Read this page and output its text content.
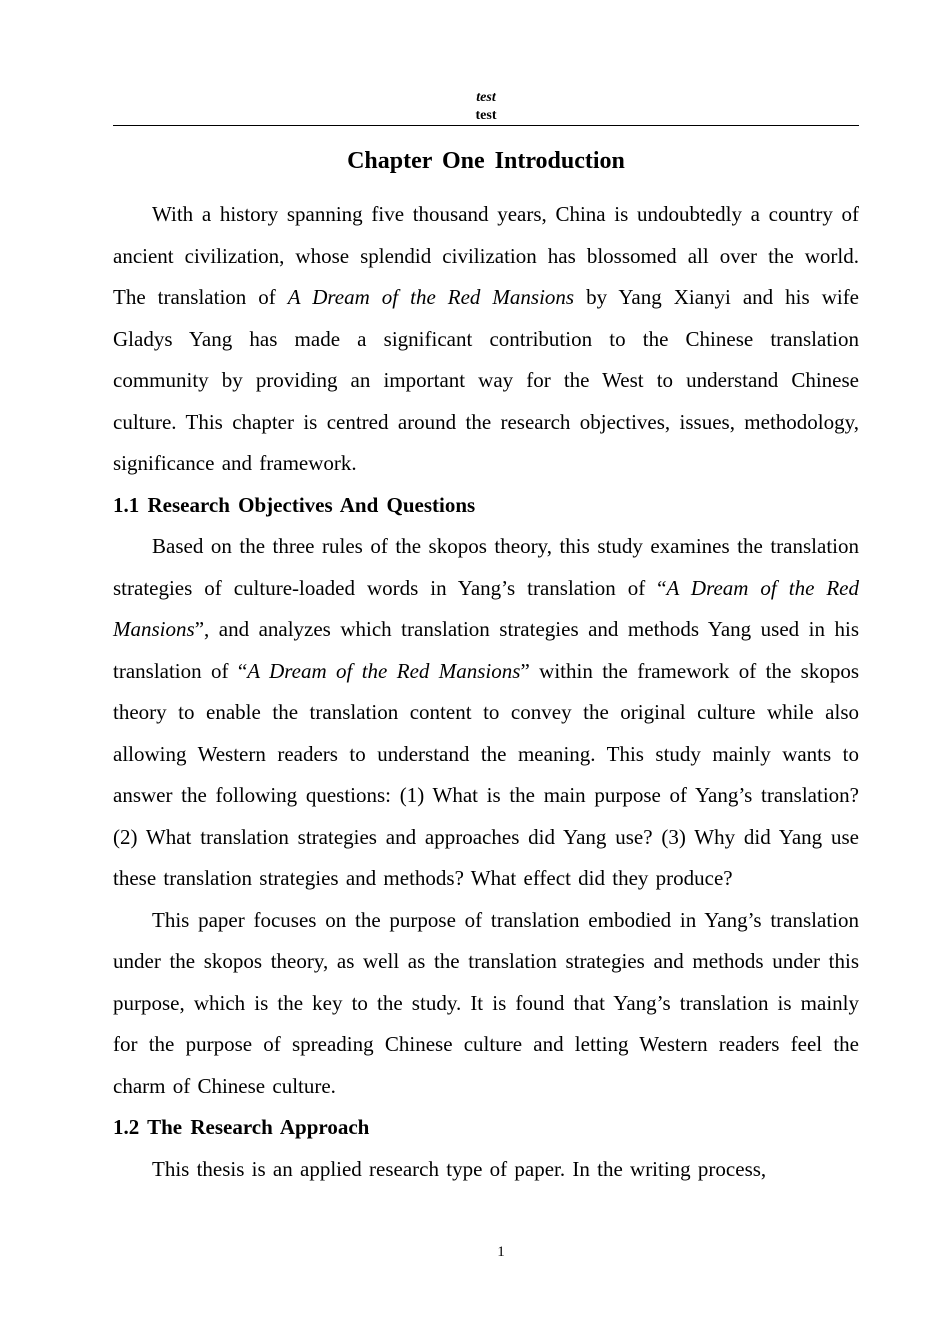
test
test
Chapter One Introduction

With a history spanning five thousand years, China is undoubtedly a country of ancient civilization, whose splendid civilization has blossomed all over the world. The translation of A Dream of the Red Mansions by Yang Xianyi and his wife Gladys Yang has made a significant contribution to the Chinese translation community by providing an important way for the West to understand Chinese culture. This chapter is centred around the research objectives, issues, methodology, significance and framework.

1.1 Research Objectives And Questions

Based on the three rules of the skopos theory, this study examines the translation strategies of culture-loaded words in Yang’s translation of “A Dream of the Red Mansions”, and analyzes which translation strategies and methods Yang used in his translation of “A Dream of the Red Mansions” within the framework of the skopos theory to enable the translation content to convey the original culture while also allowing Western readers to understand the meaning. This study mainly wants to answer the following questions: (1) What is the main purpose of Yang’s translation? (2) What translation strategies and approaches did Yang use? (3) Why did Yang use these translation strategies and methods? What effect did they produce?

This paper focuses on the purpose of translation embodied in Yang’s translation under the skopos theory, as well as the translation strategies and methods under this purpose, which is the key to the study. It is found that Yang’s translation is mainly for the purpose of spreading Chinese culture and letting Western readers feel the charm of Chinese culture.

1.2 The Research Approach

This thesis is an applied research type of paper. In the writing process,

1
